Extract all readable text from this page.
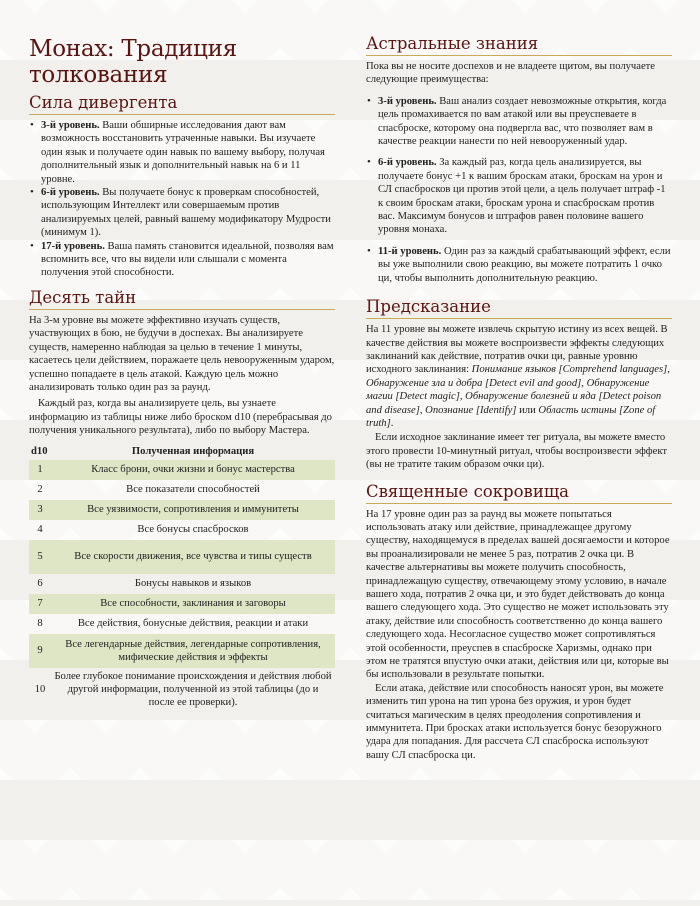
Монах: Традиция толкования
Сила дивергента
• 3-й уровень. Ваши обширные исследования дают вам возможность восстановить утраченные навыки. Вы изучаете один язык и получаете один навык по вашему выбору, получая дополнительный язык и дополнительный навык на 6 и 11 уровне.
• 6-й уровень. Вы получаете бонус к проверкам способностей, использующим Интеллект или совершаемым против анализируемых целей, равный вашему модификатору Мудрости (минимум 1).
• 17-й уровень. Ваша память становится идеальной, позволяя вам вспомнить все, что вы видели или слышали с момента получения этой способности.
Десять тайн

На 3-м уровне вы можете эффективно изучать существ, участвующих в бою, не будучи в доспехах. Вы анализируете существ, намеренно наблюдая за целью в течение 1 минуты, касаетесь цели действием, поражаете цель невооруженным ударом, успешно попадаете в цель атакой. Каждую цель можно анализировать только один раз за раунд.

Каждый раз, когда вы анализируете цель, вы узнаете информацию из таблицы ниже либо броском d10 (перебрасывая до получения уникального результата), либо по выбору Мастера.

d10	Полученная информация
1	Класс брони, очки жизни и бонус мастерства
2	Все показатели способностей
3	Все уязвимости, сопротивления и иммунитеты
4	Все бонусы спасбросков
5	Все скорости движения, все чувства и типы существ
6	Бонусы навыков и языков
7	Все способности, заклинания и заговоры
8	Все действия, бонусные действия, реакции и атаки
9	Все легендарные действия, легендарные сопротивления, мифические действия и эффекты
10	Более глубокое понимание происхождения и действия любой другой информации, полученной из этой таблицы (до и после ее проверки).
Астральные знания

Пока вы не носите доспехов и не владеете щитом, вы получаете следующие преимущества:

• 3-й уровень. Ваш анализ создает невозможные открытия, когда цель промахивается по вам атакой или вы преуспеваете в спасброске, которому она подвергла вас, что позволяет вам в качестве реакции нанести по ней невооруженный удар.
• 6-й уровень. За каждый раз, когда цель анализируется, вы получаете бонус +1 к вашим броскам атаки, броскам на урон и СЛ спасбросков ци против этой цели, а цель получает штраф -1 к своим броскам атаки, броскам урона и спасброскам против вас. Максимум бонусов и штрафов равен половине вашего уровня монаха.
• 11-й уровень. Один раз за каждый срабатывающий эффект, если вы уже выполнили свою реакцию, вы можете потратить 1 очко ци, чтобы выполнить дополнительную реакцию.
Предсказание

На 11 уровне вы можете извлечь скрытую истину из всех вещей. В качестве действия вы можете воспроизвести эффекты следующих заклинаний как действие, потратив очки ци, равные уровню исходного заклинания: Понимание языков [Comprehend languages], Обнаружение зла и добра [Detect evil and good], Обнаружение магии [Detect magic], Обнаружение болезней и яда [Detect poison and disease], Опознание [Identify] или Область истины [Zone of truth].

Если исходное заклинание имеет тег ритуала, вы можете вместо этого провести 10-минутный ритуал, чтобы воспроизвести эффект (вы не тратите таким образом очки ци).

Священные сокровища

На 17 уровне один раз за раунд вы можете попытаться использовать атаку или действие, принадлежащее другому существу, находящемуся в пределах вашей досягаемости и которое вы проанализировали не менее 5 раз, потратив 2 очка ци. В качестве альтернативы вы можете получить способность, принадлежащую существу, отвечающему этому условию, в начале вашего хода, потратив 2 очка ци, и это будет действовать до конца вашего следующего хода. Это существо не может использовать эту атаку, действие или способность соответственно до конца вашего следующего хода. Несогласное существо может сопротивляться этой особенности, преуспев в спасброске Харизмы, однако при этом не тратятся впустую очки атаки, действия или ци, которые вы бы использовали в результате попытки.

Если атака, действие или способность наносят урон, вы можете изменить тип урона на тип урона без оружия, и урон будет считаться магическим в целях преодоления сопротивления и иммунитета. При бросках атаки используется бонус безоружного удара для попадания. Для рассчета СЛ спасброска используют вашу СЛ спасброска ци.
